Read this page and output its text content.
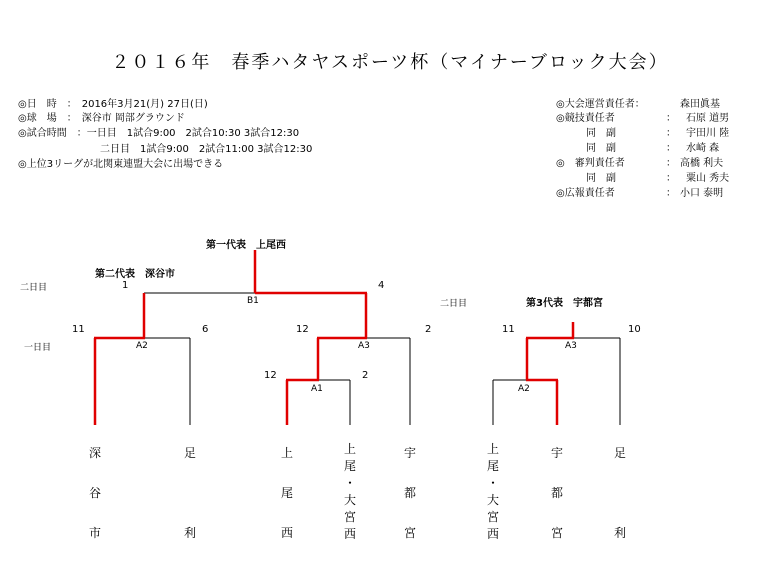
２０１６年　春季ハタヤスポーツ杯（マイナーブロック大会）
◎日　時　：　2016年3月21(月) 27日(日)
◎球　場　：　深谷市 岡部グラウンド
◎試合時間　：一日目　1試合9:00　2試合10:30 3試合12:30
二日目　1試合9:00　2試合11:00 3試合12:30
◎上位3リーグが北関東連盟大会に出場できる
◎大会運営責任者：	森田眞基
◎競技責任者	： 石原 道男
同　副	： 宇田川 陸
同　副	： 水崎 森
◎　審判責任者	： 高橋 利夫
同　副	： 粟山 秀夫
◎広報責任者	： 小口 泰明
第一代表　上尾西
第二代表　深谷市
第3代表　宇都宮
二日目
一日目
二日目
1
B1
4
11
A2
6	12
A3
2
12
A1
2
11
A3
10
A2
深
谷
市
足
利
上
尾
西
上
尾
・
大
宮
西
宇
都
宮
上
尾
・
大
宮
西
宇
都
宮
足
利
